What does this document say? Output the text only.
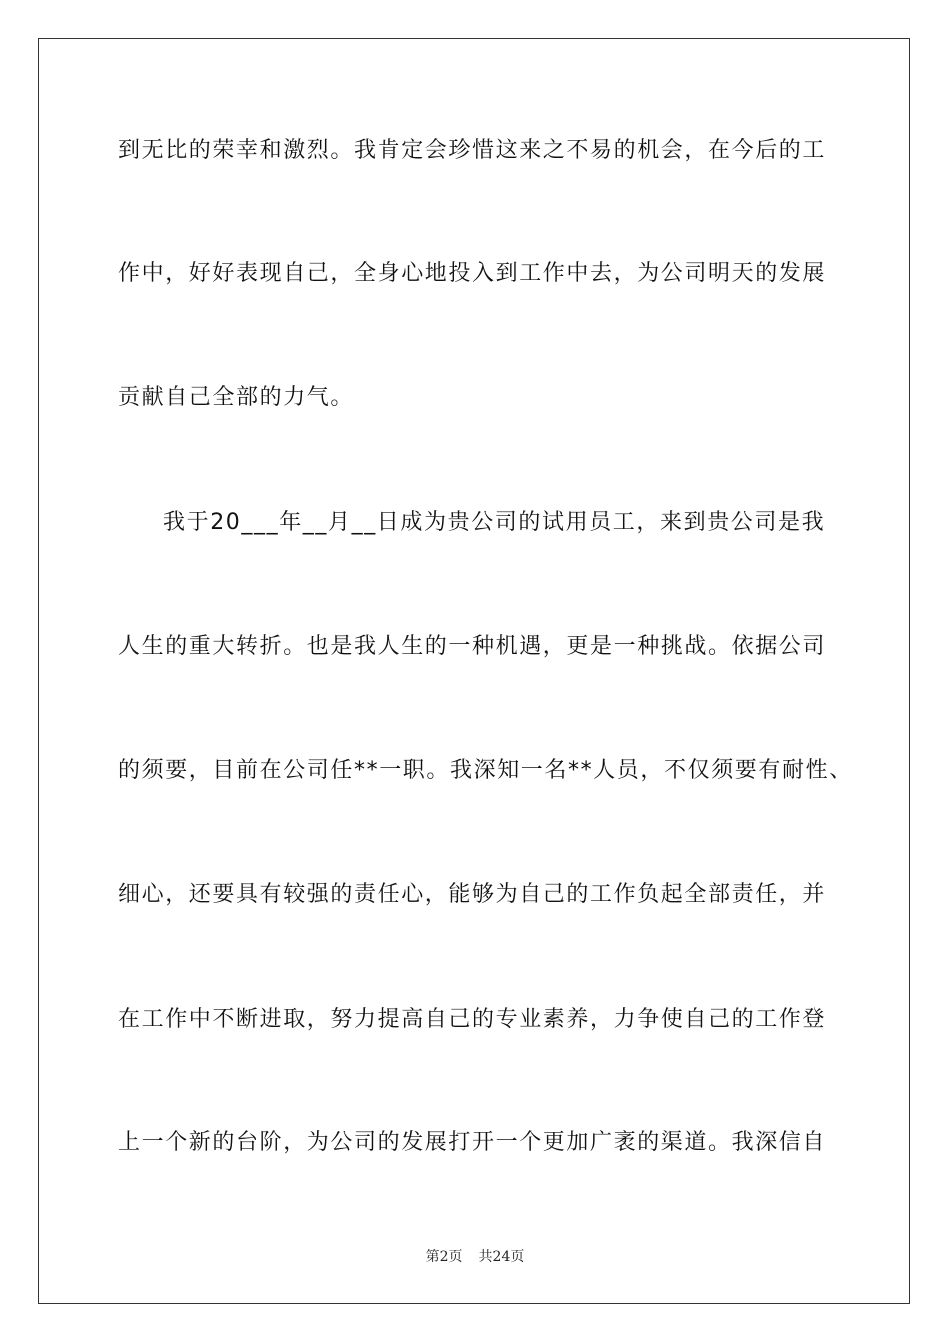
到无比的荣幸和激烈。我肯定会珍惜这来之不易的机会，在今后的工
作中，好好表现自己，全身心地投入到工作中去，为公司明天的发展
贡献自己全部的力气。
我于20___年__月__日成为贵公司的试用员工，来到贵公司是我
人生的重大转折。也是我人生的一种机遇，更是一种挑战。依据公司
的须要，目前在公司任**一职。我深知一名**人员，不仅须要有耐性、
细心，还要具有较强的责任心，能够为自己的工作负起全部责任，并
在工作中不断进取，努力提高自己的专业素养，力争使自己的工作登
上一个新的台阶，为公司的发展打开一个更加广袤的渠道。我深信自
第2页 共24页
